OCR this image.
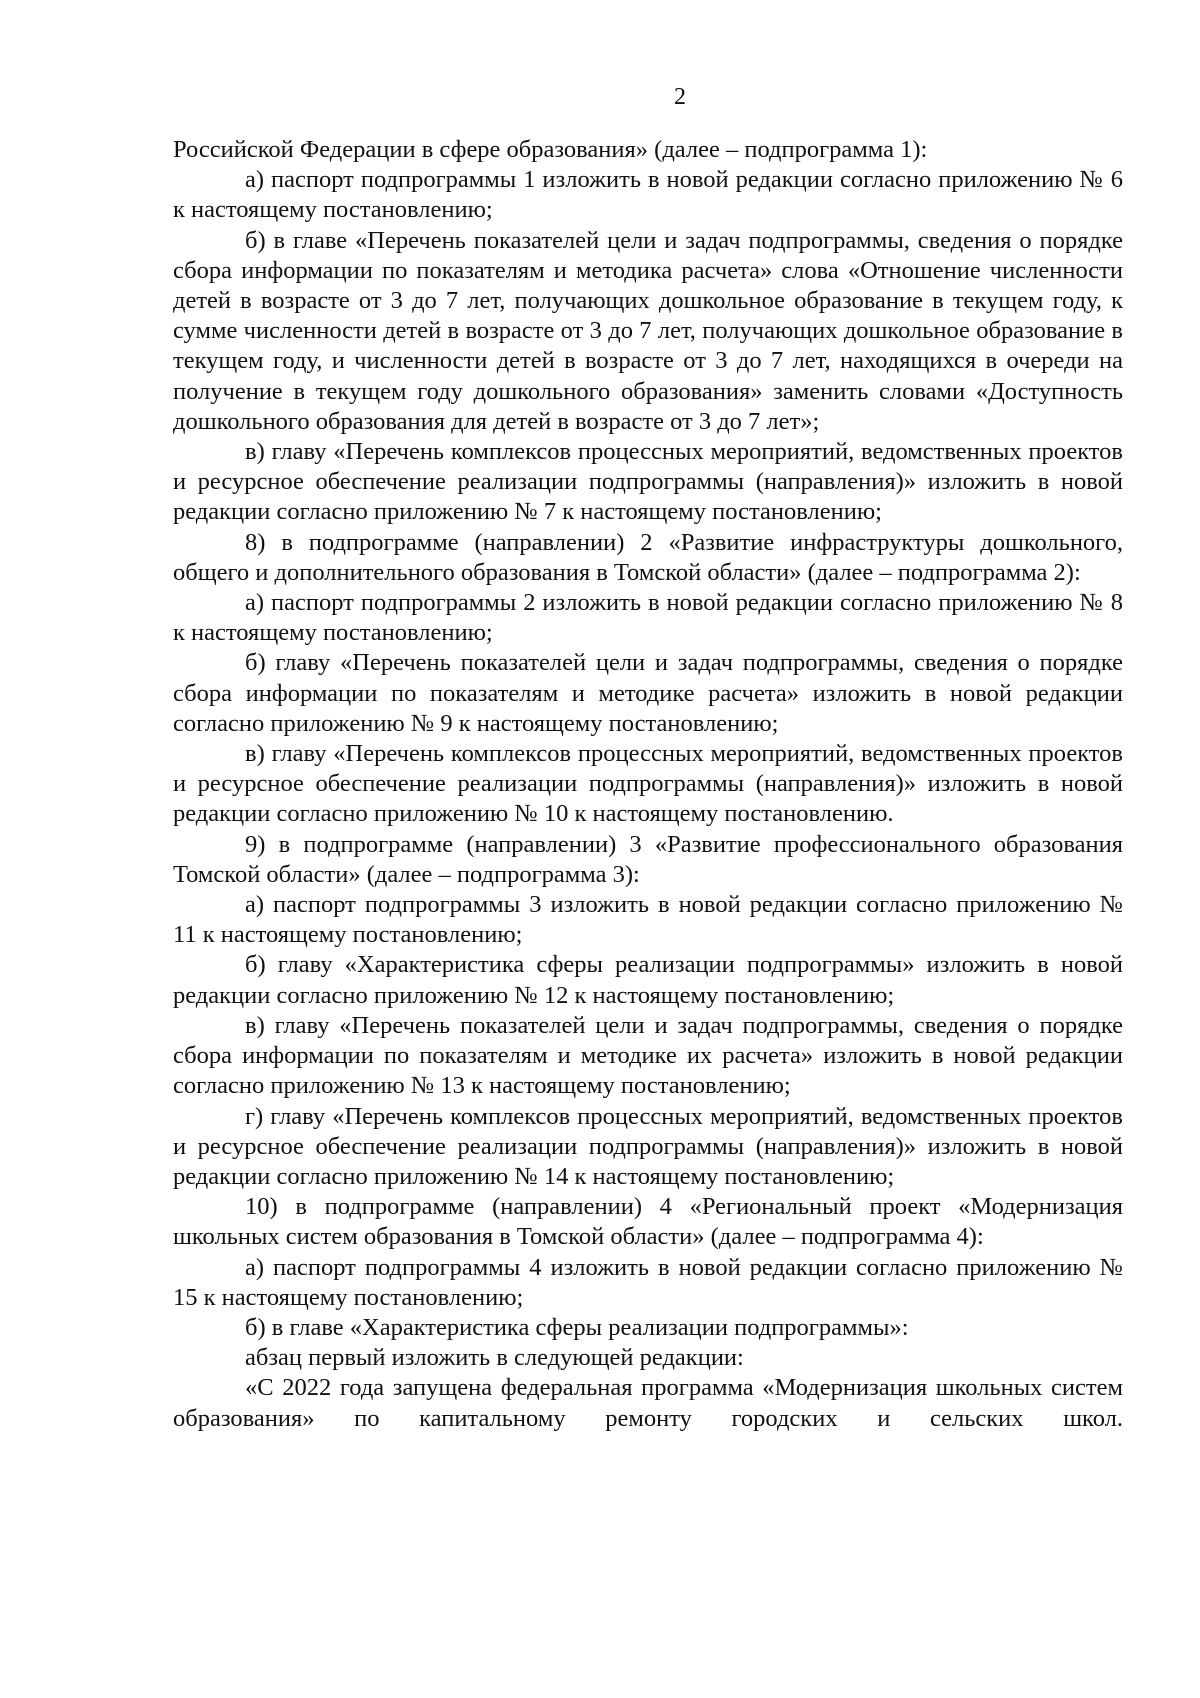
2

Российской Федерации в сфере образования» (далее – подпрограмма 1):

а) паспорт подпрограммы 1 изложить в новой редакции согласно приложению № 6 к настоящему постановлению;

б) в главе «Перечень показателей цели и задач подпрограммы, сведения о порядке сбора информации по показателям и методика расчета» слова «Отношение численности детей в возрасте от 3 до 7 лет, получающих дошкольное образование в текущем году, к сумме численности детей в возрасте от 3 до 7 лет, получающих дошкольное образование в текущем году, и численности детей в возрасте от 3 до 7 лет, находящихся в очереди на получение в текущем году дошкольного образования» заменить словами «Доступность дошкольного образования для детей в возрасте от 3 до 7 лет»;

в) главу «Перечень комплексов процессных мероприятий, ведомственных проектов и ресурсное обеспечение реализации подпрограммы (направления)» изложить в новой редакции согласно приложению № 7 к настоящему постановлению;

8) в подпрограмме (направлении) 2 «Развитие инфраструктуры дошкольного, общего и дополнительного образования в Томской области» (далее – подпрограмма 2):

а) паспорт подпрограммы 2 изложить в новой редакции согласно приложению № 8 к настоящему постановлению;

б) главу «Перечень показателей цели и задач подпрограммы, сведения о порядке сбора информации по показателям и методике расчета» изложить в новой редакции согласно приложению № 9 к настоящему постановлению;

в) главу «Перечень комплексов процессных мероприятий, ведомственных проектов и ресурсное обеспечение реализации подпрограммы (направления)» изложить в новой редакции согласно приложению № 10 к настоящему постановлению.

9) в подпрограмме (направлении) 3 «Развитие профессионального образования Томской области» (далее – подпрограмма 3):

а) паспорт подпрограммы 3 изложить в новой редакции согласно приложению № 11 к настоящему постановлению;

б) главу «Характеристика сферы реализации подпрограммы» изложить в новой редакции согласно приложению № 12 к настоящему постановлению;

в) главу «Перечень показателей цели и задач подпрограммы, сведения о порядке сбора информации по показателям и методике их расчета» изложить в новой редакции согласно приложению № 13 к настоящему постановлению;

г) главу «Перечень комплексов процессных мероприятий, ведомственных проектов и ресурсное обеспечение реализации подпрограммы (направления)» изложить в новой редакции согласно приложению № 14 к настоящему постановлению;

10) в подпрограмме (направлении) 4 «Региональный проект «Модернизация школьных систем образования в Томской области» (далее – подпрограмма 4):

а) паспорт подпрограммы 4 изложить в новой редакции согласно приложению № 15 к настоящему постановлению;

б) в главе «Характеристика сферы реализации подпрограммы»:

абзац первый изложить в следующей редакции:

«С 2022 года запущена федеральная программа «Модернизация школьных систем образования» по капитальному ремонту городских и сельских школ.
